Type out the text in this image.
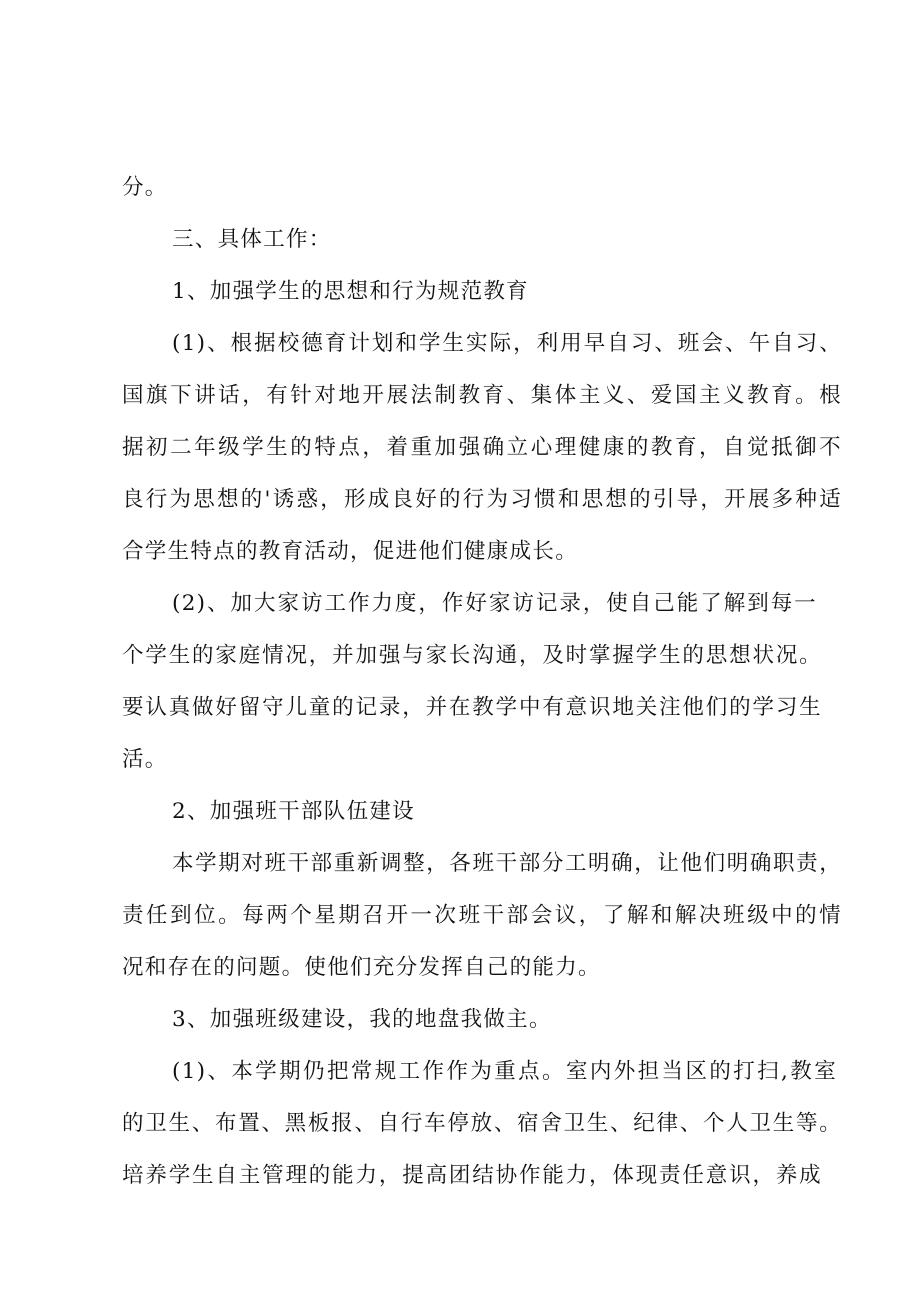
分。
三、具体工作：
1、加强学生的思想和行为规范教育
(1)、根据校德育计划和学生实际，利用早自习、班会、午自习、
国旗下讲话，有针对地开展法制教育、集体主义、爱国主义教育。根
据初二年级学生的特点，着重加强确立心理健康的教育，自觉抵御不
良行为思想的'诱惑，形成良好的行为习惯和思想的引导，开展多种适
合学生特点的教育活动，促进他们健康成长。
(2)、加大家访工作力度，作好家访记录，使自己能了解到每一
个学生的家庭情况，并加强与家长沟通，及时掌握学生的思想状况。
要认真做好留守儿童的记录，并在教学中有意识地关注他们的学习生
活。
2、加强班干部队伍建设
本学期对班干部重新调整，各班干部分工明确，让他们明确职责，
责任到位。每两个星期召开一次班干部会议，了解和解决班级中的情
况和存在的问题。使他们充分发挥自己的能力。
3、加强班级建设，我的地盘我做主。
(1)、本学期仍把常规工作作为重点。室内外担当区的打扫,教室
的卫生、布置、黑板报、自行车停放、宿舍卫生、纪律、个人卫生等。
培养学生自主管理的能力，提高团结协作能力，体现责任意识，养成
